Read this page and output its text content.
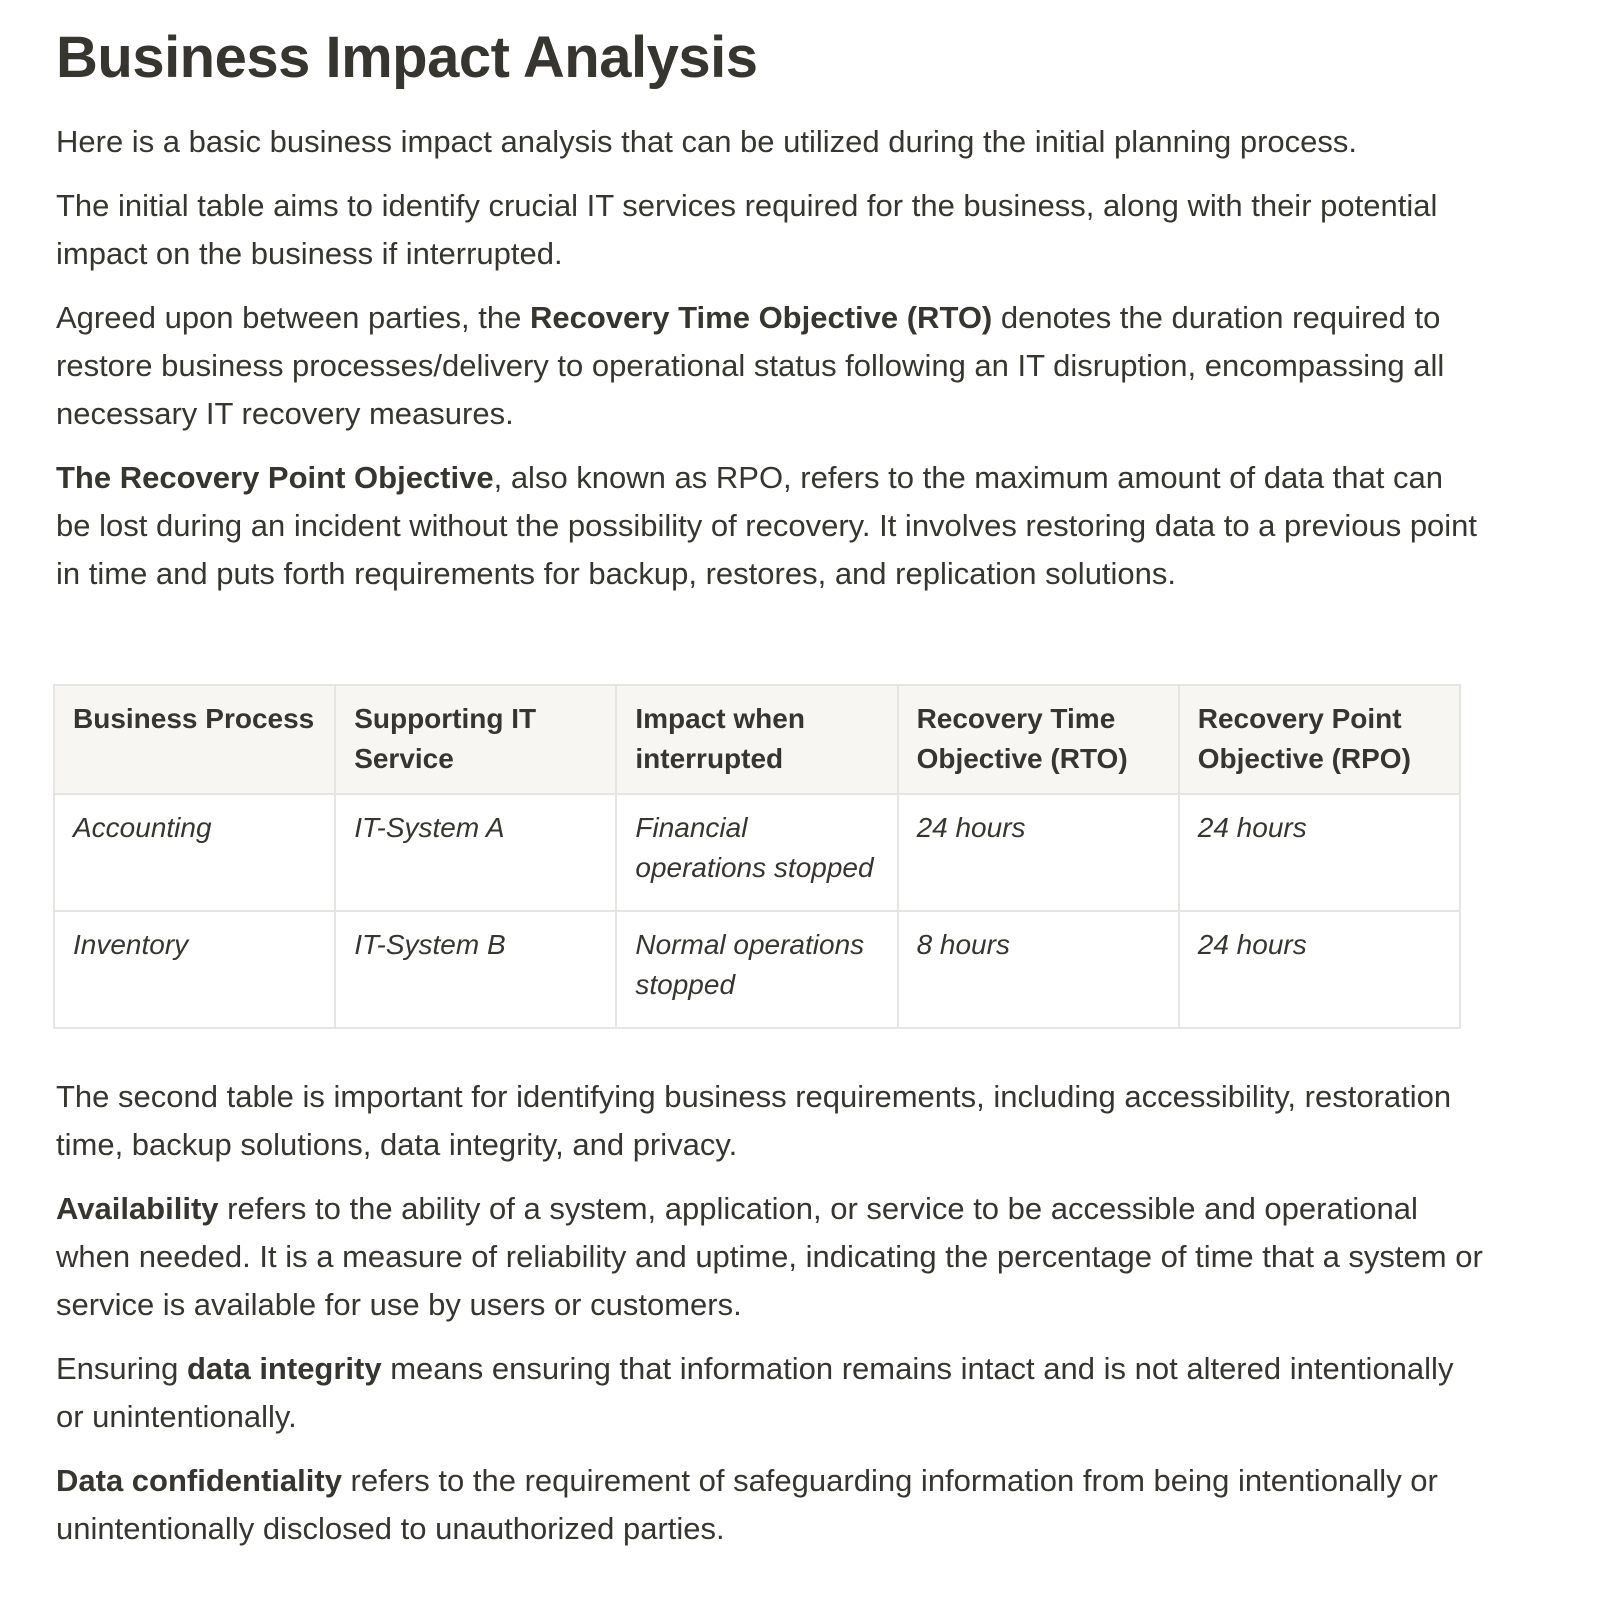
Business Impact Analysis

Here is a basic business impact analysis that can be utilized during the initial planning process.

The initial table aims to identify crucial IT services required for the business, along with their potential impact on the business if interrupted.

Agreed upon between parties, the Recovery Time Objective (RTO) denotes the duration required to restore business processes/delivery to operational status following an IT disruption, encompassing all necessary IT recovery measures.

The Recovery Point Objective, also known as RPO, refers to the maximum amount of data that can be lost during an incident without the possibility of recovery. It involves restoring data to a previous point in time and puts forth requirements for backup, restores, and replication solutions.

Business Process	Supporting IT Service	Impact when interrupted	Recovery Time Objective (RTO)	Recovery Point Objective (RPO)
Accounting	IT-System A	Financial operations stopped	24 hours	24 hours
Inventory	IT-System B	Normal operations stopped	8 hours	24 hours

The second table is important for identifying business requirements, including accessibility, restoration time, backup solutions, data integrity, and privacy.

Availability refers to the ability of a system, application, or service to be accessible and operational when needed. It is a measure of reliability and uptime, indicating the percentage of time that a system or service is available for use by users or customers.

Ensuring data integrity means ensuring that information remains intact and is not altered intentionally or unintentionally.

Data confidentiality refers to the requirement of safeguarding information from being intentionally or unintentionally disclosed to unauthorized parties.
